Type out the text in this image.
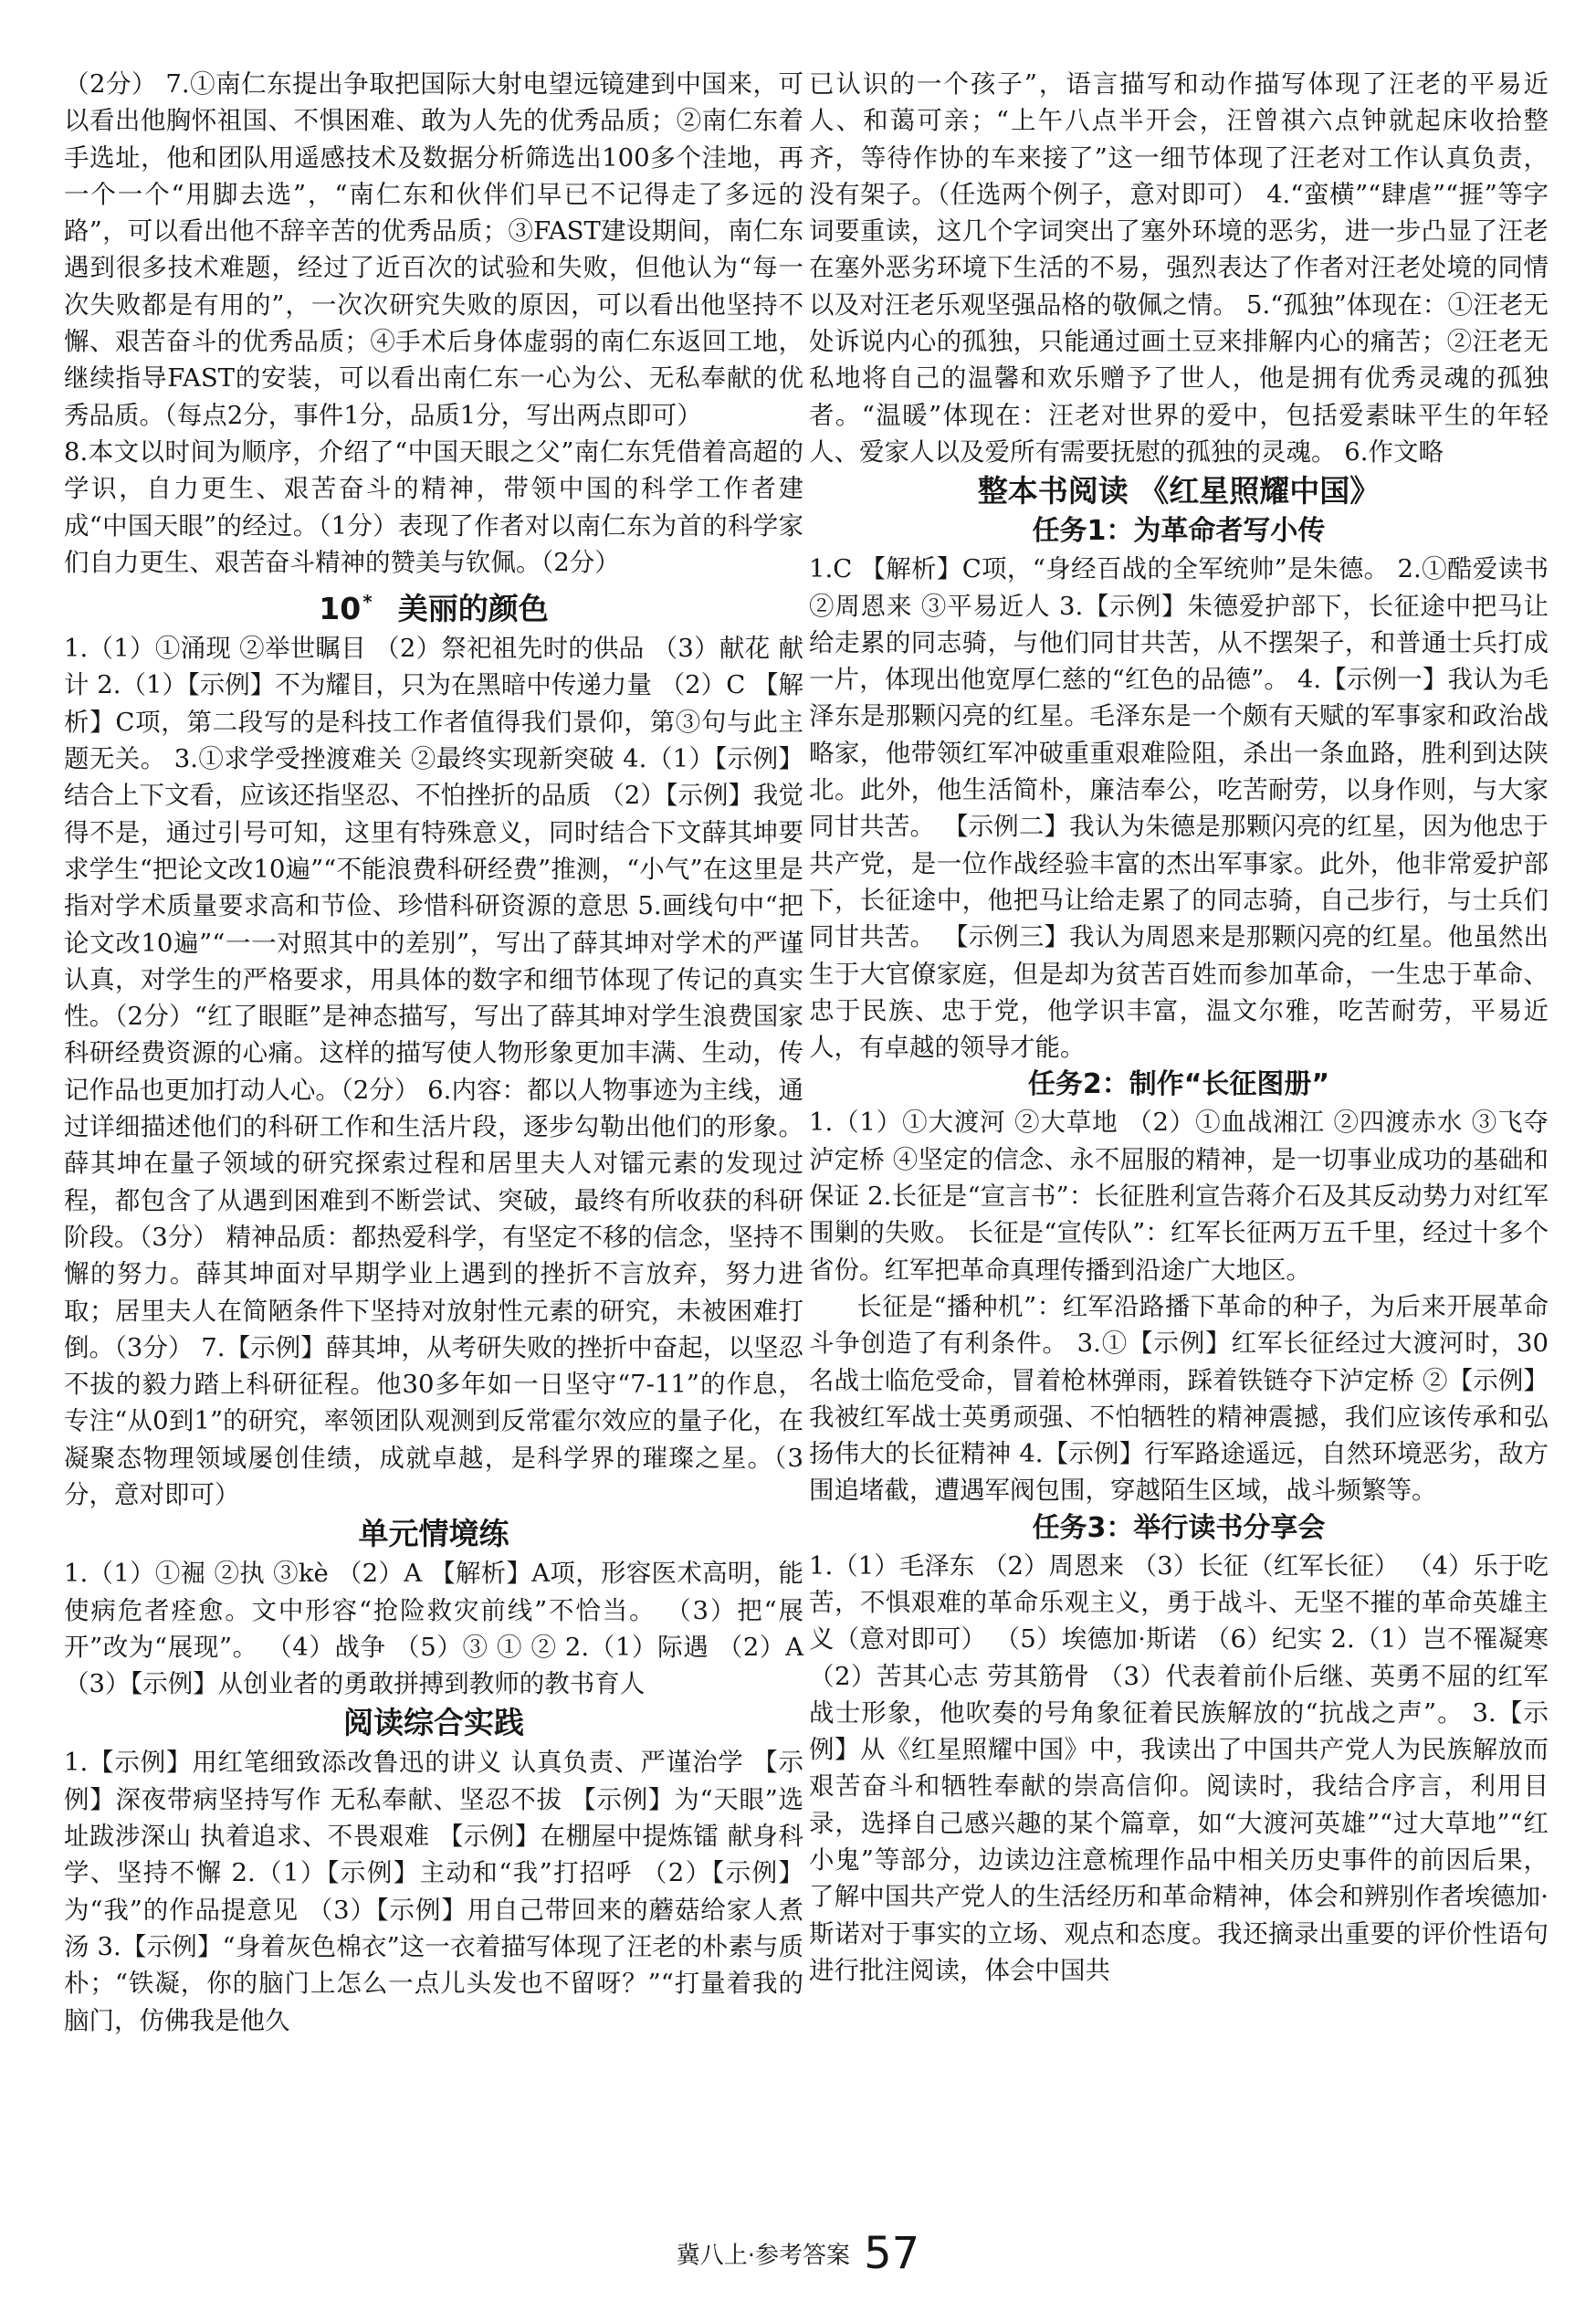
（2分） 7.①南仁东提出争取把国际大射电望远镜建到中国来，可以看出他胸怀祖国、不惧困难、敢为人先的优秀品质；②南仁东着手选址，他和团队用遥感技术及数据分析筛选出100多个洼地，再一个一个“用脚去选”，“南仁东和伙伴们早已不记得走了多远的路”，可以看出他不辞辛苦的优秀品质；③FAST建设期间，南仁东遇到很多技术难题，经过了近百次的试验和失败，但他认为“每一次失败都是有用的”，一次次研究失败的原因，可以看出他坚持不懈、艰苦奋斗的优秀品质；④手术后身体虚弱的南仁东返回工地，继续指导FAST的安装，可以看出南仁东一心为公、无私奉献的优秀品质。（每点2分，事件1分，品质1分，写出两点即可）

8.本文以时间为顺序，介绍了“中国天眼之父”南仁东凭借着高超的学识，自力更生、艰苦奋斗的精神，带领中国的科学工作者建成“中国天眼”的经过。（1分）表现了作者对以南仁东为首的科学家们自力更生、艰苦奋斗精神的赞美与钦佩。（2分）

10 * 美丽的颜色

1.（1）①涌现 ②举世瞩目 （2）祭祀祖先时的供品 （3）献花 献计 2.（1）【示例】不为耀目，只为在黑暗中传递力量 （2）C 【解析】C项，第二段写的是科技工作者值得我们景仰，第③句与此主题无关。 3.①求学受挫渡难关 ②最终实现新突破 4.（1）【示例】结合上下文看，应该还指坚忍、不怕挫折的品质 （2）【示例】我觉得不是，通过引号可知，这里有特殊意义，同时结合下文薛其坤要求学生“把论文改10遍”“不能浪费科研经费”推测，“小气”在这里是指对学术质量要求高和节俭、珍惜科研资源的意思 5.画线句中“把论文改10遍”“一一对照其中的差别”，写出了薛其坤对学术的严谨认真，对学生的严格要求，用具体的数字和细节体现了传记的真实性。（2分）“红了眼眶”是神态描写，写出了薛其坤对学生浪费国家科研经费资源的心痛。这样的描写使人物形象更加丰满、生动，传记作品也更加打动人心。（2分） 6.内容：都以人物事迹为主线，通过详细描述他们的科研工作和生活片段，逐步勾勒出他们的形象。薛其坤在量子领域的研究探索过程和居里夫人对镭元素的发现过程，都包含了从遇到困难到不断尝试、突破，最终有所收获的科研阶段。（3分） 精神品质：都热爱科学，有坚定不移的信念，坚持不懈的努力。薛其坤面对早期学业上遇到的挫折不言放弃，努力进取；居里夫人在简陋条件下坚持对放射性元素的研究，未被困难打倒。（3分） 7.【示例】薛其坤，从考研失败的挫折中奋起，以坚忍不拔的毅力踏上科研征程。他30多年如一日坚守“7-11”的作息，专注“从0到1”的研究，率领团队观测到反常霍尔效应的量子化，在凝聚态物理领域屡创佳绩，成就卓越，是科学界的璀璨之星。（3分，意对即可）

单元情境练

1.（1）①䘿 ②执 ③kè （2）A 【解析】A项，形容医术高明，能使病危者痊愈。文中形容“抢险救灾前线”不恰当。 （3）把“展开”改为“展现”。 （4）战争 （5）③ ① ② 2.（1）际遇 （2）A （3）【示例】从创业者的勇敢拼搏到教师的教书育人

阅读综合实践

1.【示例】用红笔细致添改鲁迅的讲义 认真负责、严谨治学 【示例】深夜带病坚持写作 无私奉献、坚忍不拔 【示例】为“天眼”选址跋涉深山 执着追求、不畏艰难 【示例】在棚屋中提炼镭 献身科学、坚持不懈 2.（1）【示例】主动和“我”打招呼 （2）【示例】为“我”的作品提意见 （3）【示例】用自己带回来的蘑菇给家人煮汤 3.【示例】“身着灰色棉衣”这一衣着描写体现了汪老的朴素与质朴；“铁凝，你的脑门上怎么一点儿头发也不留呀？”“打量着我的脑门，仿佛我是他久

已认识的一个孩子”，语言描写和动作描写体现了汪老的平易近人、和蔼可亲；“上午八点半开会，汪曾祺六点钟就起床收拾整齐，等待作协的车来接了”这一细节体现了汪老对工作认真负责，没有架子。（任选两个例子，意对即可） 4.“蛮横”“肆虐”“捱”等字词要重读，这几个字词突出了塞外环境的恶劣，进一步凸显了汪老在塞外恶劣环境下生活的不易，强烈表达了作者对汪老处境的同情以及对汪老乐观坚强品格的敬佩之情。 5.“孤独”体现在：①汪老无处诉说内心的孤独，只能通过画土豆来排解内心的痛苦；②汪老无私地将自己的温馨和欢乐赠予了世人，他是拥有优秀灵魂的孤独者。“温暖”体现在：汪老对世界的爱中，包括爱素昧平生的年轻人、爱家人以及爱所有需要抚慰的孤独的灵魂。 6.作文略

整本书阅读 《红星照耀中国》
任务1：为革命者写小传

1.C 【解析】C项，“身经百战的全军统帅”是朱德。 2.①酷爱读书 ②周恩来 ③平易近人 3.【示例】朱德爱护部下，长征途中把马让给走累的同志骑，与他们同甘共苦，从不摆架子，和普通士兵打成一片，体现出他宽厚仁慈的“红色的品德”。 4.【示例一】我认为毛泽东是那颗闪亮的红星。毛泽东是一个颇有天赋的军事家和政治战略家，他带领红军冲破重重艰难险阻，杀出一条血路，胜利到达陕北。此外，他生活简朴，廉洁奉公，吃苦耐劳，以身作则，与大家同甘共苦。 【示例二】我认为朱德是那颗闪亮的红星，因为他忠于共产党，是一位作战经验丰富的杰出军事家。此外，他非常爱护部下，长征途中，他把马让给走累了的同志骑，自己步行，与士兵们同甘共苦。 【示例三】我认为周恩来是那颗闪亮的红星。他虽然出生于大官僚家庭，但是却为贫苦百姓而参加革命，一生忠于革命、忠于民族、忠于党，他学识丰富，温文尔雅，吃苦耐劳，平易近人，有卓越的领导才能。

任务2：制作“长征图册”

1.（1）①大渡河 ②大草地 （2）①血战湘江 ②四渡赤水 ③飞夺泸定桥 ④坚定的信念、永不屈服的精神，是一切事业成功的基础和保证 2.长征是“宣言书”：长征胜利宣告蒋介石及其反动势力对红军围剿的失败。 长征是“宣传队”：红军长征两万五千里，经过十多个省份。红军把革命真理传播到沿途广大地区。

长征是“播种机”：红军沿路播下革命的种子，为后来开展革命斗争创造了有利条件。 3.①【示例】红军长征经过大渡河时，30名战士临危受命，冒着枪林弹雨，踩着铁链夺下泸定桥 ②【示例】我被红军战士英勇顽强、不怕牺牲的精神震撼，我们应该传承和弘扬伟大的长征精神 4.【示例】行军路途遥远，自然环境恶劣，敌方围追堵截，遭遇军阀包围，穿越陌生区域，战斗频繁等。

任务3：举行读书分享会

1.（1）毛泽东 （2）周恩来 （3）长征（红军长征） （4）乐于吃苦，不惧艰难的革命乐观主义，勇于战斗、无坚不摧的革命英雄主义（意对即可） （5）埃德加·斯诺 （6）纪实 2.（1）岂不罹凝寒 （2）苦其心志 劳其筋骨 （3）代表着前仆后继、英勇不屈的红军战士形象，他吹奏的号角象征着民族解放的“抗战之声”。 3.【示例】从《红星照耀中国》中，我读出了中国共产党人为民族解放而艰苦奋斗和牺牲奉献的崇高信仰。阅读时，我结合序言，利用目录，选择自己感兴趣的某个篇章，如“大渡河英雄”“过大草地”“红小鬼”等部分，边读边注意梳理作品中相关历史事件的前因后果，了解中国共产党人的生活经历和革命精神，体会和辨别作者埃德加·斯诺对于事实的立场、观点和态度。我还摘录出重要的评价性语句进行批注阅读，体会中国共

冀八上·参考答案 57
